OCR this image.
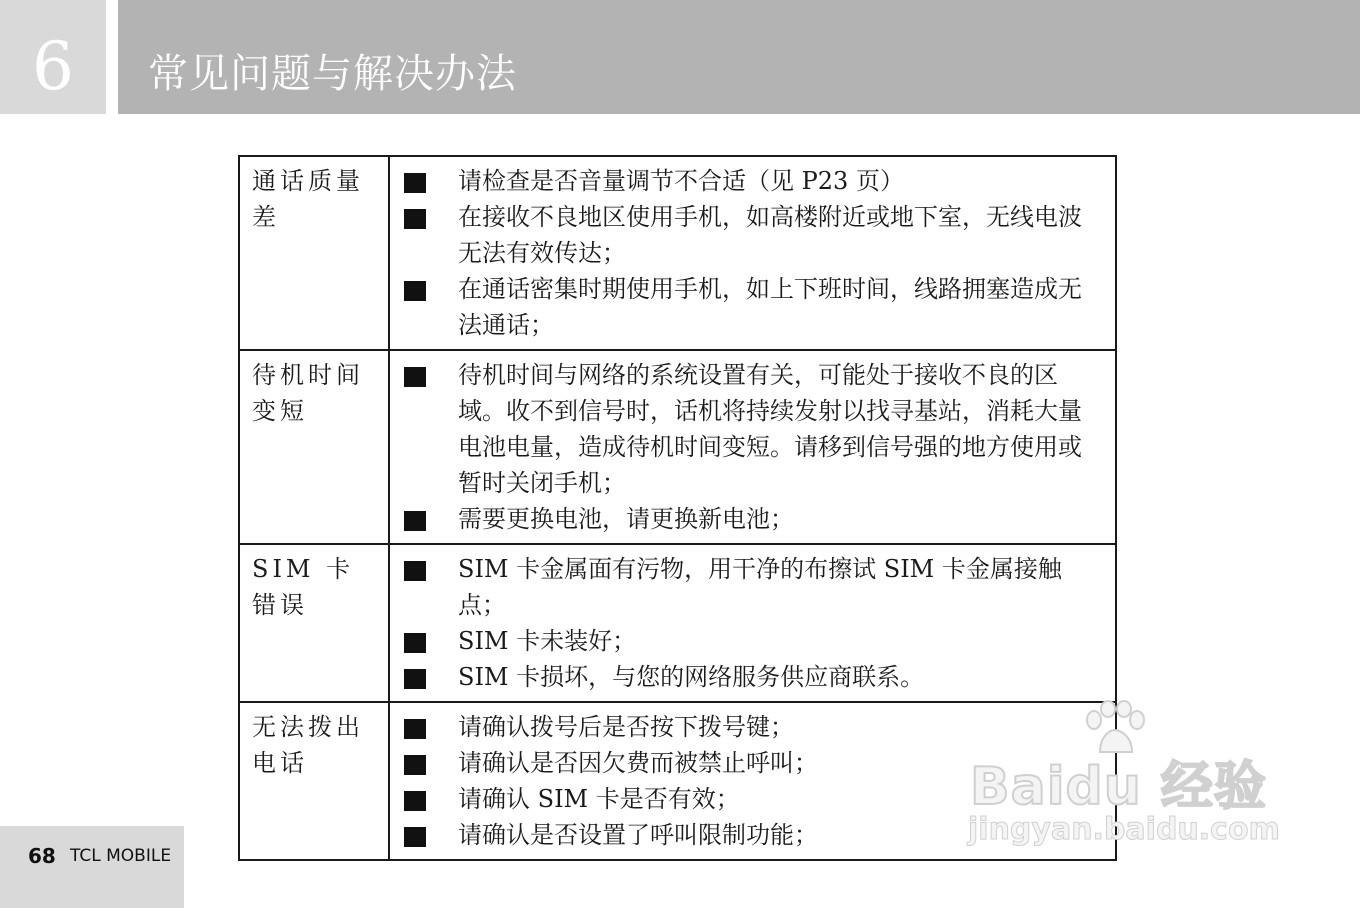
6	常见问题与解决办法
通话质量差	请检查是否音量调节不合适（见 P23 页）
在接收不良地区使用手机，如高楼附近或地下室，无线电波无法有效传达；
在通话密集时期使用手机，如上下班时间，线路拥塞造成无法通话；

待机时间变短	待机时间与网络的系统设置有关，可能处于接收不良的区域。收不到信号时，话机将持续发射以找寻基站，消耗大量电池电量，造成待机时间变短。请移到信号强的地方使用或暂时关闭手机；
需要更换电池，请更换新电池；

SIM 卡错误	SIM 卡金属面有污物，用干净的布擦试 SIM 卡金属接触点；
SIM 卡未装好；
SIM 卡损坏，与您的网络服务供应商联系。

无法拨出电话	请确认拨号后是否按下拨号键；
请确认是否因欠费而被禁止呼叫；
请确认 SIM 卡是否有效；
请确认是否设置了呼叫限制功能；
68 TCL MOBILE
Baidu 经验
jingyan.baidu.com
